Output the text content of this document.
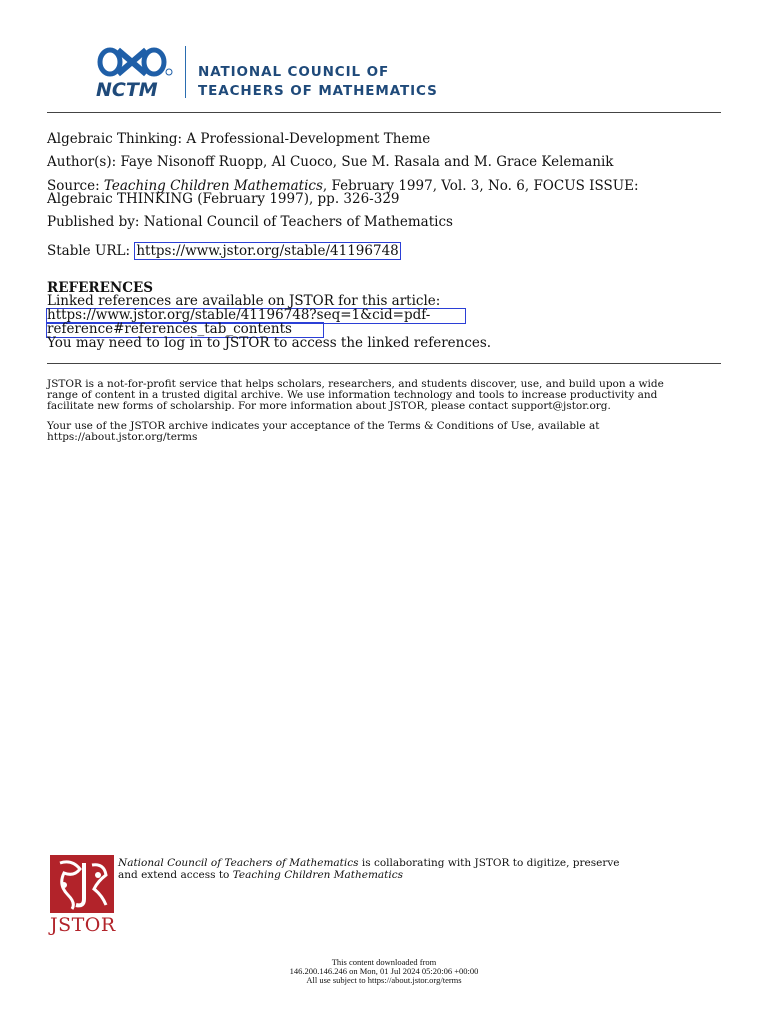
NCTM
NATIONAL COUNCIL OF
TEACHERS OF MATHEMATICS
Algebraic Thinking: A Professional-Development Theme
Author(s): Faye Nisonoff Ruopp, Al Cuoco, Sue M. Rasala and M. Grace Kelemanik
Source: Teaching Children Mathematics, February 1997, Vol. 3, No. 6, FOCUS ISSUE:
Algebraic THINKING (February 1997), pp. 326-329
Published by: National Council of Teachers of Mathematics
Stable URL: https://www.jstor.org/stable/41196748
REFERENCES
Linked references are available on JSTOR for this article:
https://www.jstor.org/stable/41196748?seq=1&cid=pdf-
reference#references_tab_contents
You may need to log in to JSTOR to access the linked references.
JSTOR is a not-for-profit service that helps scholars, researchers, and students discover, use, and build upon a wide
range of content in a trusted digital archive. We use information technology and tools to increase productivity and
facilitate new forms of scholarship. For more information about JSTOR, please contact support@jstor.org.
Your use of the JSTOR archive indicates your acceptance of the Terms & Conditions of Use, available at
https://about.jstor.org/terms
JSTOR
National Council of Teachers of Mathematics is collaborating with JSTOR to digitize, preserve
and extend access to Teaching Children Mathematics
This content downloaded from
146.200.146.246 on Mon, 01 Jul 2024 05:20:06 +00:00
All use subject to https://about.jstor.org/terms
